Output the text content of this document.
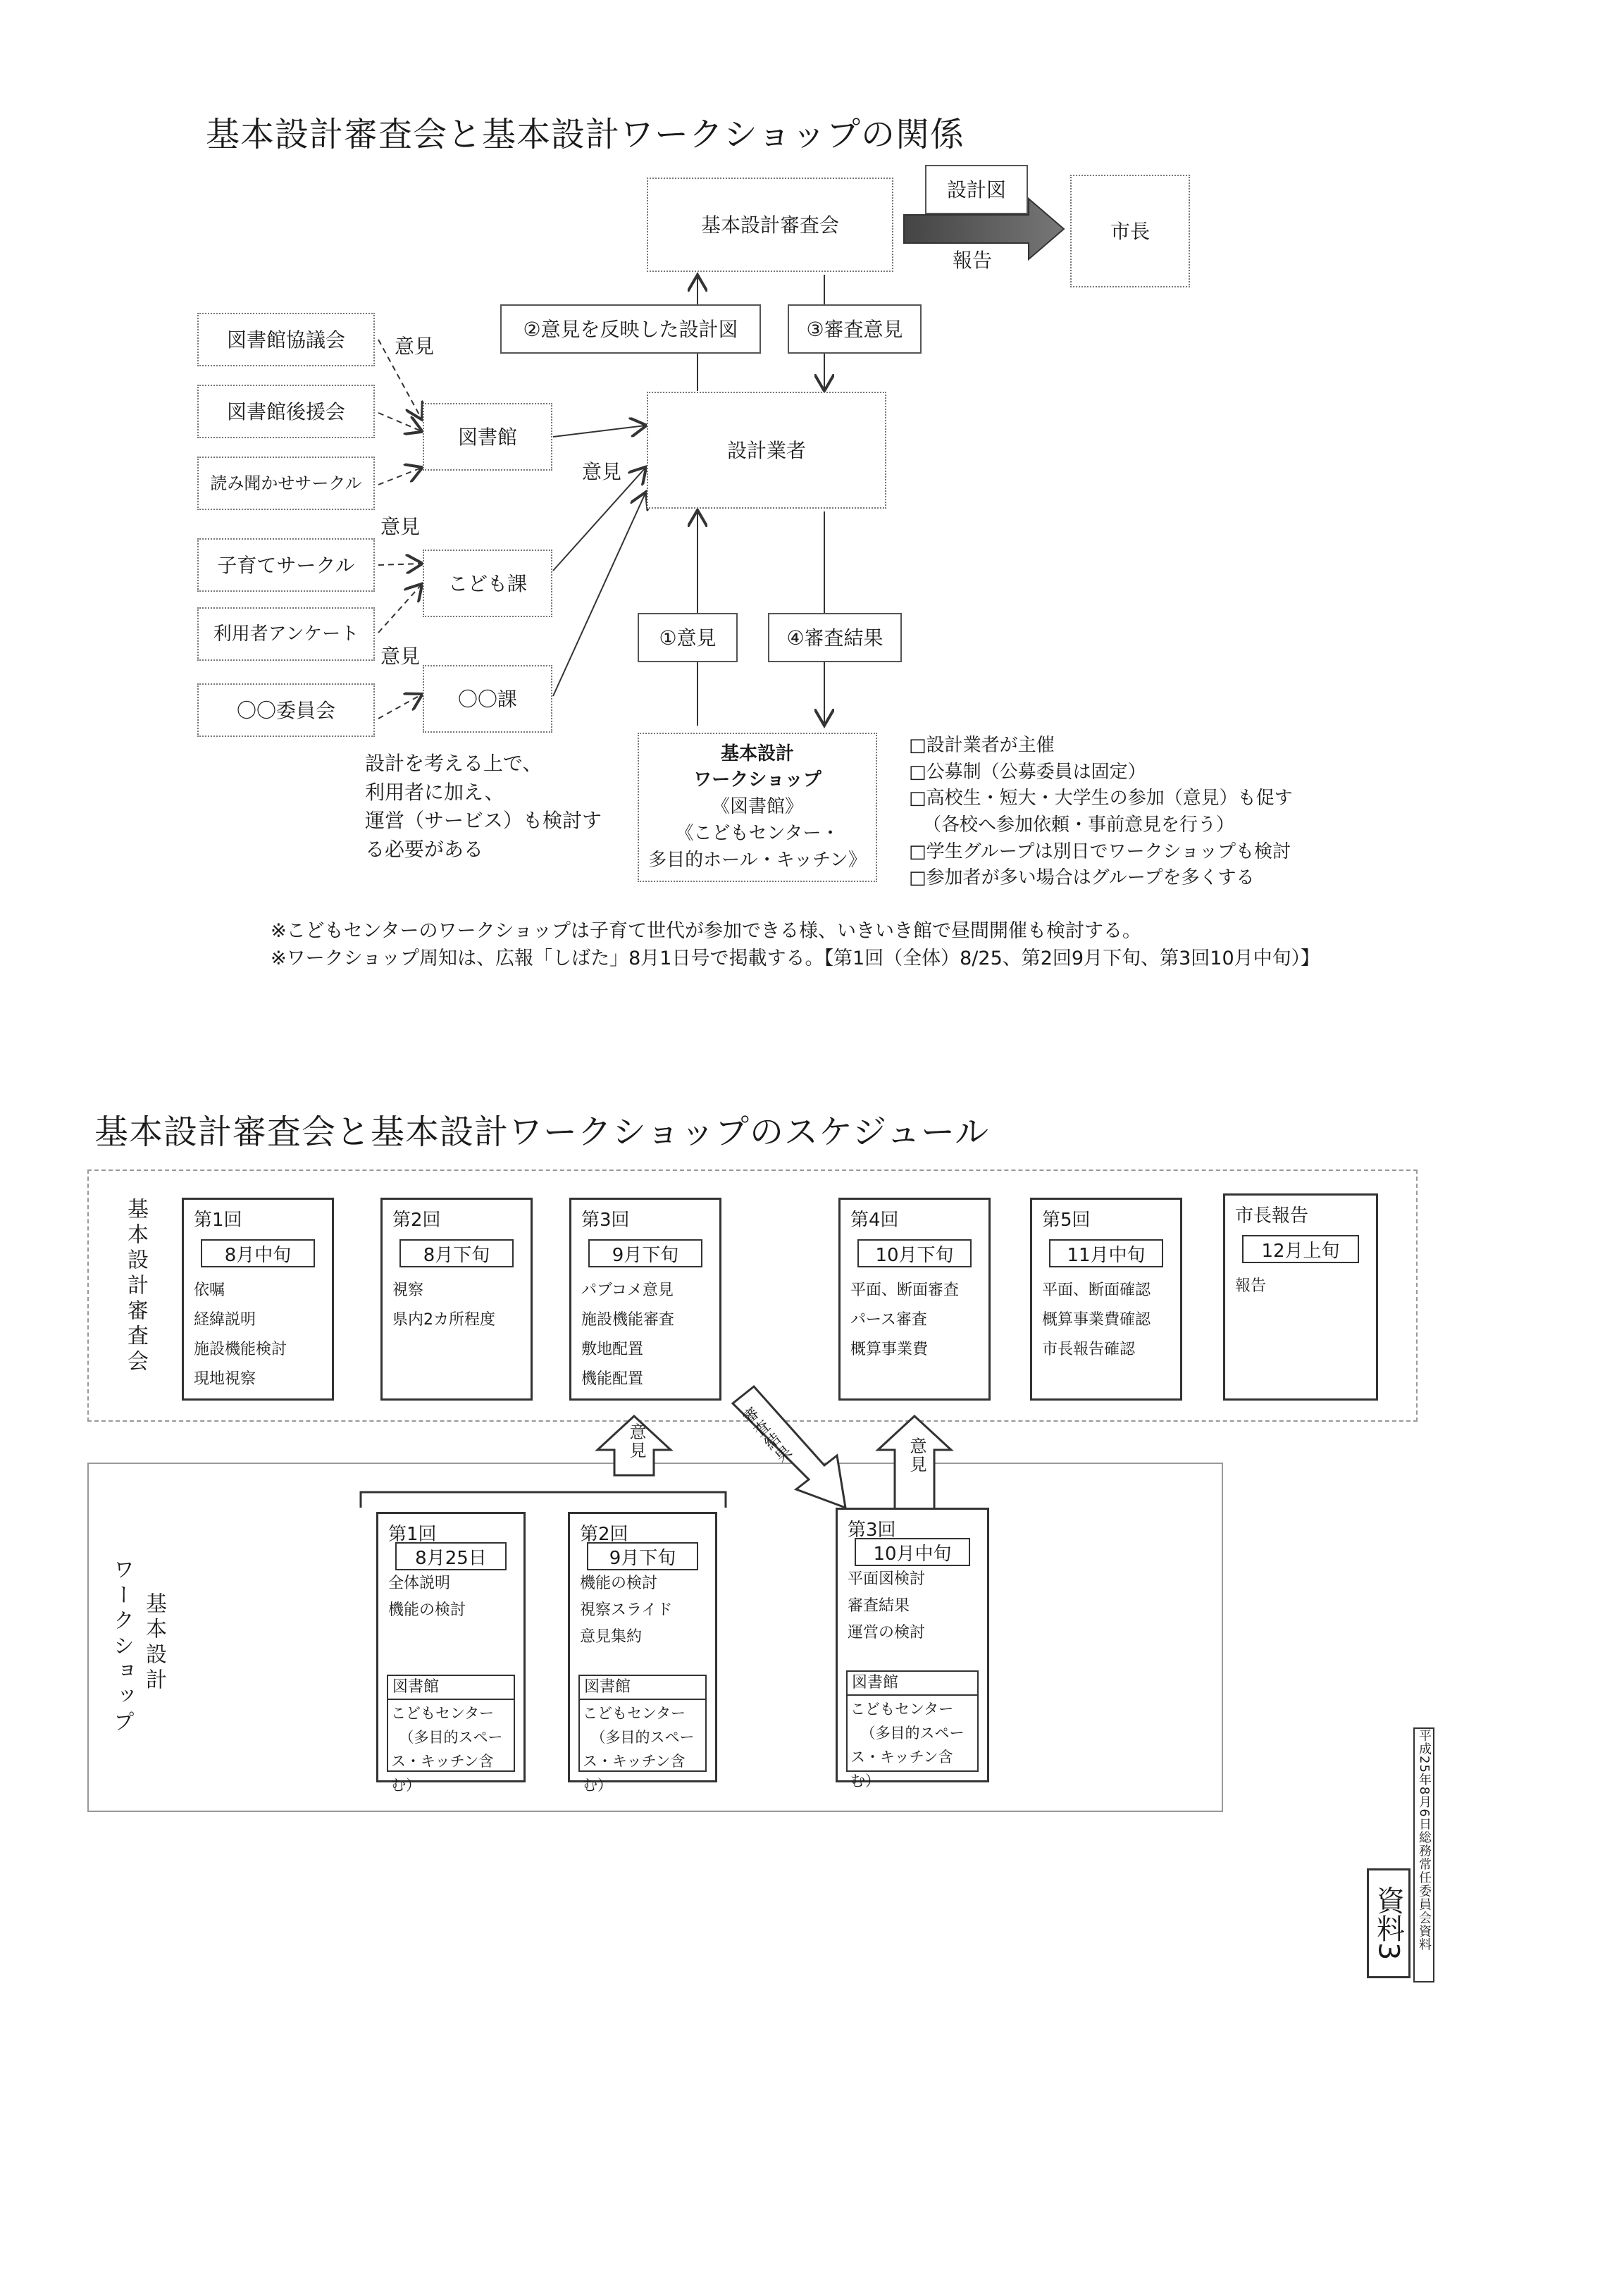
基本設計審査会と基本設計ワークショップの関係
基本設計審査会
設計図
報告
市長
②意見を反映した設計図	③審査意見
設計業者
①意見	④審査結果
図書館協議会
図書館後援会
読み聞かせサークル
子育てサークル
利用者アンケート
〇〇委員会
意見
意見
意見
意見
図書館
こども課
〇〇課
設計を考える上で、
利用者に加え、
運営（サービス）も検討す
る必要がある
基本設計
ワークショップ
《図書館》
《こどもセンター・
多目的ホール・キッチン》
□設計業者が主催
□公募制（公募委員は固定）
□高校生・短大・大学生の参加（意見）も促す
（各校へ参加依頼・事前意見を行う）
□学生グループは別日でワークショップも検討
□参加者が多い場合はグループを多くする
※こどもセンターのワークショップは子育て世代が参加できる様、いきいき館で昼間開催も検討する。
※ワークショップ周知は、広報「しばた」8月1日号で掲載する。【第1回（全体）8/25、第2回9月下旬、第3回10月中旬）】
基本設計審査会と基本設計ワークショップのスケジュール
基本設計審査会
基本設計
ワークショップ
第1回
8月中旬
依嘱
経緯説明
施設機能検討
現地視察
第2回
8月下旬
視察
県内2カ所程度
第3回
9月下旬
パブコメ意見
施設機能審査
敷地配置
機能配置
第4回
10月下旬
平面、断面審査
パース審査
概算事業費
第5回
11月中旬
平面、断面確認
概算事業費確認
市長報告確認
市長報告
12月上旬
報告
意見	意見
審査結果
第1回
8月25日
全体説明
機能の検討
図書館
こどもセンター
（多目的スペー
ス・キッチン含む）
第2回
9月下旬
機能の検討
視察スライド
意見集約
図書館
こどもセンター
（多目的スペー
ス・キッチン含む）
第3回
10月中旬
平面図検討
審査結果
運営の検討
図書館
こどもセンター
（多目的スペー
ス・キッチン含む）	平成25年8月6日総務常任委員会資料
資料3
